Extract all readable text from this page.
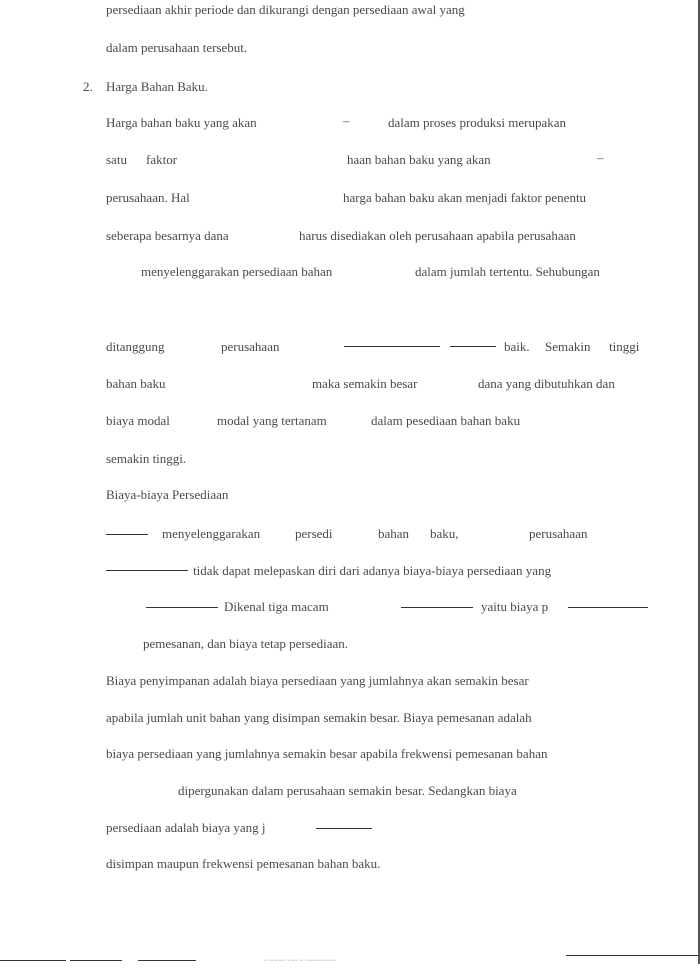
persediaan akhir periode dan dikurangi dengan persediaan awal yang
dalam perusahaan tersebut.
2. Harga Bahan Baku.
Harga bahan baku yang akan	–	dalam proses produksi merupakan
satu faktor	haan bahan baku yang akan	–
perusahaan. Hal	harga bahan baku akan menjadi faktor penentu
seberapa besarnya dana	harus disediakan oleh perusahaan apabila perusahaan
menyelenggarakan persediaan bahan	dalam jumlah tertentu. Sehubungan
ditanggung	perusahaan	baik. Semakin tinggi
bahan baku	maka semakin besar	dana yang dibutuhkan dan
biaya modal	modal yang tertanam	dalam pesediaan bahan baku
semakin tinggi.
Biaya-biaya Persediaan
menyelenggarakan	persedi	bahan baku,	perusahaan
tidak dapat melepaskan diri dari adanya biaya-biaya persediaan yang
Dikenal tiga macam	yaitu biaya p
pemesanan, dan biaya tetap persediaan.
Biaya penyimpanan adalah biaya persediaan yang jumlahnya akan semakin besar
apabila jumlah unit bahan yang disimpan semakin besar. Biaya pemesanan adalah
biaya persediaan yang jumlahnya semakin besar apabila frekwensi pemesanan bahan
dipergunakan dalam perusahaan semakin besar. Sedangkan biaya
persediaan adalah biaya yang j
disimpan maupun frekwensi pemesanan bahan baku.
~ ~~~~ ~~~ ~ ~~~~~~~~
